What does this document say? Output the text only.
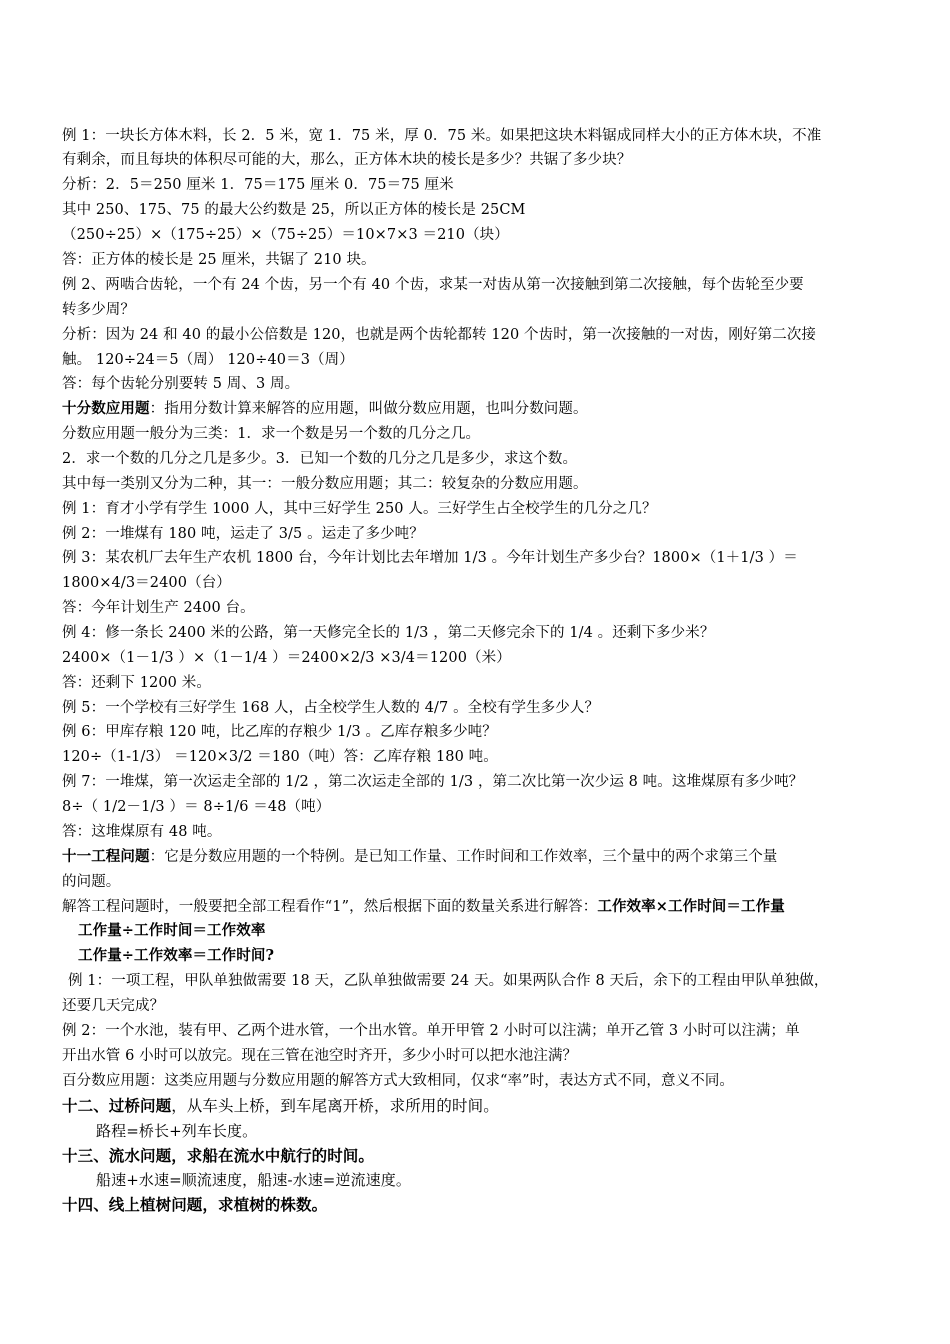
例 1：一块长方体木料，长 2．5 米，宽 1．75 米，厚 0．75 米。如果把这块木料锯成同样大小的正方体木块，不准
有剩余，而且每块的体积尽可能的大，那么，正方体木块的棱长是多少？共锯了多少块？
分析：2．5＝250 厘米 1．75＝175 厘米 0．75＝75 厘米
其中 250、175、75 的最大公约数是 25，所以正方体的棱长是 25CM
（250÷25）×（175÷25）×（75÷25）＝10×7×3 ＝210（块）
答：正方体的棱长是 25 厘米，共锯了 210 块。
例 2、两啮合齿轮，一个有 24 个齿，另一个有 40 个齿，求某一对齿从第一次接触到第二次接触，每个齿轮至少要
转多少周？
分析：因为 24 和 40 的最小公倍数是 120，也就是两个齿轮都转 120 个齿时，第一次接触的一对齿，刚好第二次接
触。 120÷24＝5（周） 120÷40＝3（周）
答：每个齿轮分别要转 5 周、3 周。
十分数应用题：指用分数计算来解答的应用题，叫做分数应用题，也叫分数问题。
分数应用题一般分为三类：1．求一个数是另一个数的几分之几。
2．求一个数的几分之几是多少。3．已知一个数的几分之几是多少，求这个数。
其中每一类别又分为二种，其一：一般分数应用题；其二：较复杂的分数应用题。
例 1：育才小学有学生 1000 人，其中三好学生 250 人。三好学生占全校学生的几分之几？
例 2：一堆煤有 180 吨，运走了 3/5 。运走了多少吨？
例 3：某农机厂去年生产农机 1800 台，今年计划比去年增加 1/3 。今年计划生产多少台？1800×（1＋1/3 ）＝
1800×4/3＝2400（台）
答：今年计划生产 2400 台。
例 4：修一条长 2400 米的公路，第一天修完全长的 1/3 ，第二天修完余下的 1/4 。还剩下多少米？
2400×（1－1/3 ）×（1－1/4 ）＝2400×2/3 ×3/4＝1200（米）
答：还剩下 1200 米。
例 5：一个学校有三好学生 168 人，占全校学生人数的 4/7 。全校有学生多少人？
例 6：甲库存粮 120 吨，比乙库的存粮少 1/3 。乙库存粮多少吨？
120÷（1-1/3） ＝120×3/2 ＝180（吨）答：乙库存粮 180 吨。
例 7：一堆煤，第一次运走全部的 1/2 ，第二次运走全部的 1/3 ，第二次比第一次少运 8 吨。这堆煤原有多少吨？
8÷（ 1/2－1/3 ）＝ 8÷1/6 ＝48（吨）
答：这堆煤原有 48 吨。
十一工程问题：它是分数应用题的一个特例。是已知工作量、工作时间和工作效率，三个量中的两个求第三个量
的问题。
解答工程问题时，一般要把全部工程看作“1”，然后根据下面的数量关系进行解答：工作效率×工作时间＝工作量
工作量÷工作时间＝工作效率
工作量÷工作效率＝工作时间?
例 1：一项工程，甲队单独做需要 18 天，乙队单独做需要 24 天。如果两队合作 8 天后，余下的工程由甲队单独做，
还要几天完成？
例 2：一个水池，装有甲、乙两个进水管，一个出水管。单开甲管 2 小时可以注满；单开乙管 3 小时可以注满；单
开出水管 6 小时可以放完。现在三管在池空时齐开，多少小时可以把水池注满？
百分数应用题：这类应用题与分数应用题的解答方式大致相同，仅求“率”时，表达方式不同，意义不同。
十二、过桥问题，从车头上桥，到车尾离开桥，求所用的时间。
路程=桥长+列车长度。
十三、流水问题，求船在流水中航行的时间。
船速+水速=顺流速度，船速-水速=逆流速度。
十四、线上植树问题，求植树的株数。
